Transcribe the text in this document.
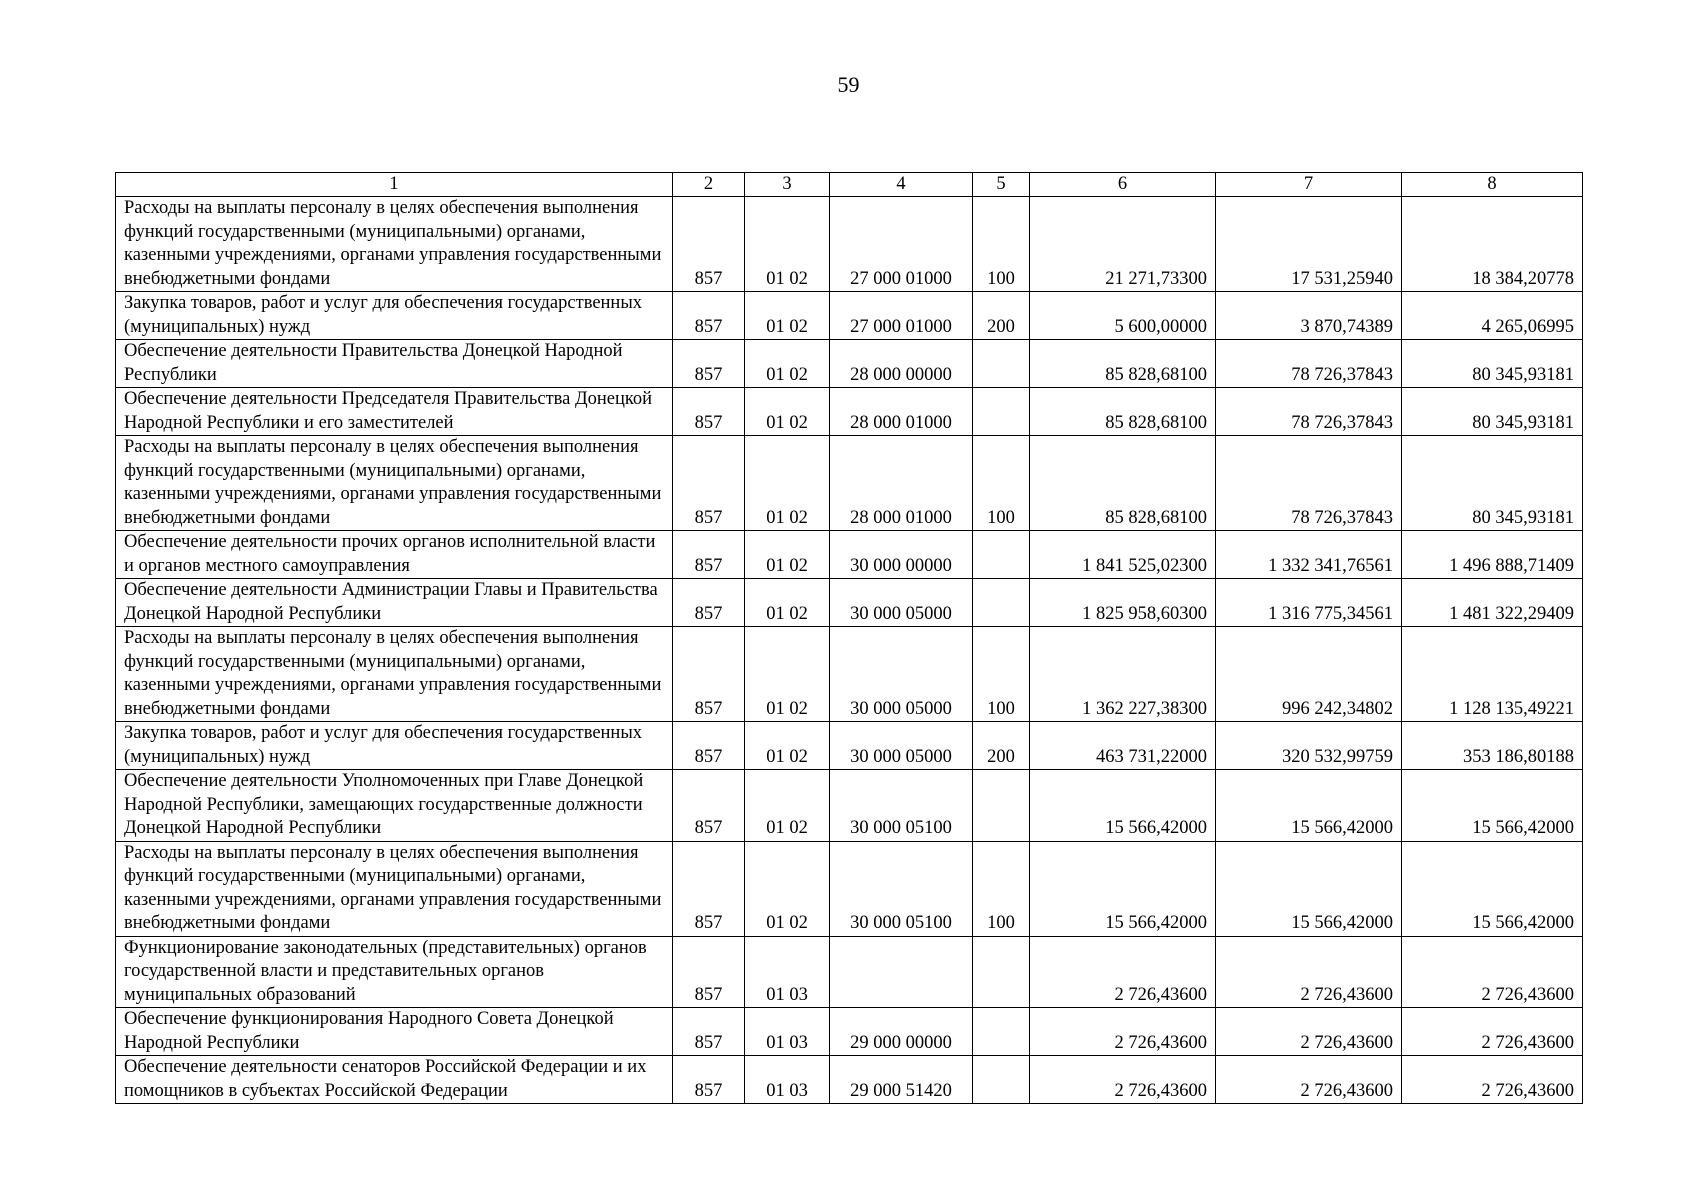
59
1	2	3	4	5	6	7	8
Расходы на выплаты персоналу в целях обеспечения выполнения функций государственными (муниципальными) органами, казенными учреждениями, органами управления государственными внебюджетными фондами	857	01 02	27 000 01000	100	21 271,73300	17 531,25940	18 384,20778
Закупка товаров, работ и услуг для обеспечения государственных (муниципальных) нужд	857	01 02	27 000 01000	200	5 600,00000	3 870,74389	4 265,06995
Обеспечение деятельности Правительства Донецкой Народной Республики	857	01 02	28 000 00000		85 828,68100	78 726,37843	80 345,93181
Обеспечение деятельности Председателя Правительства Донецкой Народной Республики и его заместителей	857	01 02	28 000 01000		85 828,68100	78 726,37843	80 345,93181
Расходы на выплаты персоналу в целях обеспечения выполнения функций государственными (муниципальными) органами, казенными учреждениями, органами управления государственными внебюджетными фондами	857	01 02	28 000 01000	100	85 828,68100	78 726,37843	80 345,93181
Обеспечение деятельности прочих органов исполнительной власти и органов местного самоуправления	857	01 02	30 000 00000		1 841 525,02300	1 332 341,76561	1 496 888,71409
Обеспечение деятельности Администрации Главы и Правительства Донецкой Народной Республики	857	01 02	30 000 05000		1 825 958,60300	1 316 775,34561	1 481 322,29409
Расходы на выплаты персоналу в целях обеспечения выполнения функций государственными (муниципальными) органами, казенными учреждениями, органами управления государственными внебюджетными фондами	857	01 02	30 000 05000	100	1 362 227,38300	996 242,34802	1 128 135,49221
Закупка товаров, работ и услуг для обеспечения государственных (муниципальных) нужд	857	01 02	30 000 05000	200	463 731,22000	320 532,99759	353 186,80188
Обеспечение деятельности Уполномоченных при Главе Донецкой Народной Республики, замещающих государственные должности Донецкой Народной Республики	857	01 02	30 000 05100		15 566,42000	15 566,42000	15 566,42000
Расходы на выплаты персоналу в целях обеспечения выполнения функций государственными (муниципальными) органами, казенными учреждениями, органами управления государственными внебюджетными фондами	857	01 02	30 000 05100	100	15 566,42000	15 566,42000	15 566,42000
Функционирование законодательных (представительных) органов государственной власти и представительных органов муниципальных образований	857	01 03			2 726,43600	2 726,43600	2 726,43600
Обеспечение функционирования Народного Совета Донецкой Народной Республики	857	01 03	29 000 00000		2 726,43600	2 726,43600	2 726,43600
Обеспечение деятельности сенаторов Российской Федерации и их помощников в субъектах Российской Федерации	857	01 03	29 000 51420		2 726,43600	2 726,43600	2 726,43600
